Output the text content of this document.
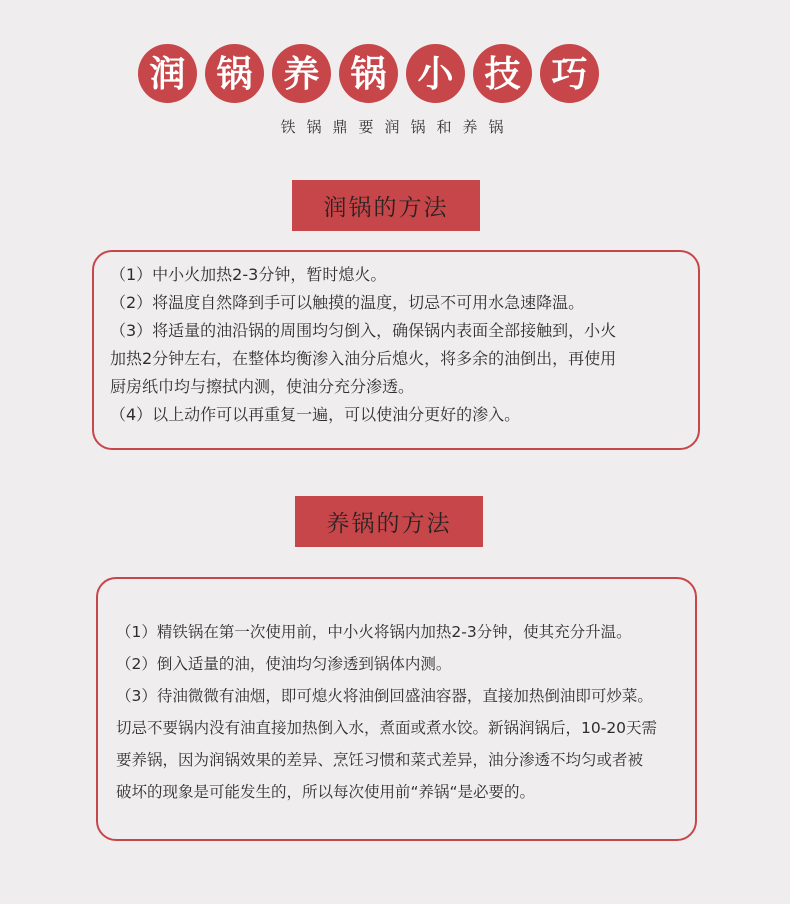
润 锅 养 锅 小 技 巧
铁锅鼎要润锅和养锅
润锅的方法

（1）中小火加热2-3分钟，暂时熄火。

（2）将温度自然降到手可以触摸的温度，切忌不可用水急速降温。

（3）将适量的油沿锅的周围均匀倒入，确保锅内表面全部接触到，小火

加热2分钟左右，在整体均衡渗入油分后熄火，将多余的油倒出，再使用

厨房纸巾均与擦拭内测，使油分充分渗透。

（4）以上动作可以再重复一遍，可以使油分更好的渗入。

养锅的方法

（1）精铁锅在第一次使用前，中小火将锅内加热2-3分钟，使其充分升温。

（2）倒入适量的油，使油均匀渗透到锅体内测。

（3）待油微微有油烟，即可熄火将油倒回盛油容器，直接加热倒油即可炒菜。

切忌不要锅内没有油直接加热倒入水，煮面或煮水饺。新锅润锅后，10-20天需

要养锅，因为润锅效果的差异、烹饪习惯和菜式差异，油分渗透不均匀或者被

破坏的现象是可能发生的，所以每次使用前“养锅“是必要的。
